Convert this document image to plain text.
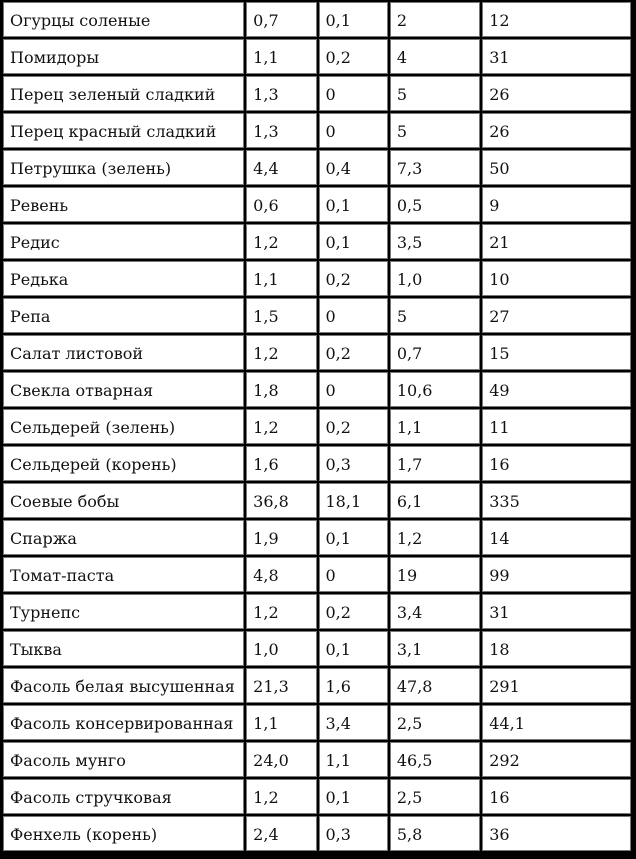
Огурцы соленые	0,7	0,1	2	12
Помидоры	1,1	0,2	4	31
Перец зеленый сладкий	1,3	0	5	26
Перец красный сладкий	1,3	0	5	26
Петрушка (зелень)	4,4	0,4	7,3	50
Ревень	0,6	0,1	0,5	9
Редис	1,2	0,1	3,5	21
Редька	1,1	0,2	1,0	10
Репа	1,5	0	5	27
Салат листовой	1,2	0,2	0,7	15
Свекла отварная	1,8	0	10,6	49
Сельдерей (зелень)	1,2	0,2	1,1	11
Сельдерей (корень)	1,6	0,3	1,7	16
Соевые бобы	36,8	18,1	6,1	335
Спаржа	1,9	0,1	1,2	14
Томат-паста	4,8	0	19	99
Турнепс	1,2	0,2	3,4	31
Тыква	1,0	0,1	3,1	18
Фасоль белая высушенная	21,3	1,6	47,8	291
Фасоль консервированная	1,1	3,4	2,5	44,1
Фасоль мунго	24,0	1,1	46,5	292
Фасоль стручковая	1,2	0,1	2,5	16
Фенхель (корень)	2,4	0,3	5,8	36
